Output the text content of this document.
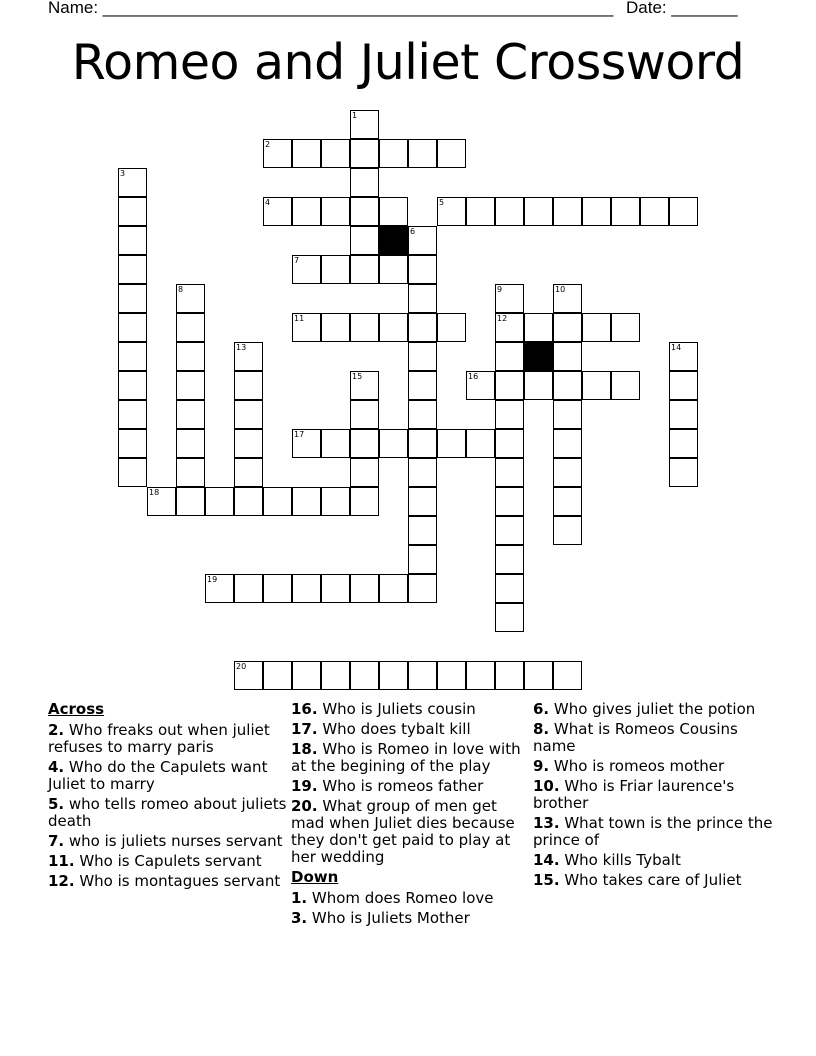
Name: ______________________________________________________ Date: _______
Romeo and Juliet Crossword
1
2
3
4	5
6
7
8	9	10
11	12
13	14
15	16
17
18
19
20
Across
2. Who freaks out when juliet refuses to marry paris
4. Who do the Capulets want Juliet to marry
5. who tells romeo about juliets death
7. who is juliets nurses servant
11. Who is Capulets servant
12. Who is montagues servant
16. Who is Juliets cousin
17. Who does tybalt kill
18. Who is Romeo in love with at the begining of the play
19. Who is romeos father
20. What group of men get mad when Juliet dies because they don't get paid to play at her wedding
Down
1. Whom does Romeo love
3. Who is Juliets Mother
6. Who gives juliet the potion
8. What is Romeos Cousins name
9. Who is romeos mother
10. Who is Friar laurence's brother
13. What town is the prince the prince of
14. Who kills Tybalt
15. Who takes care of Juliet
